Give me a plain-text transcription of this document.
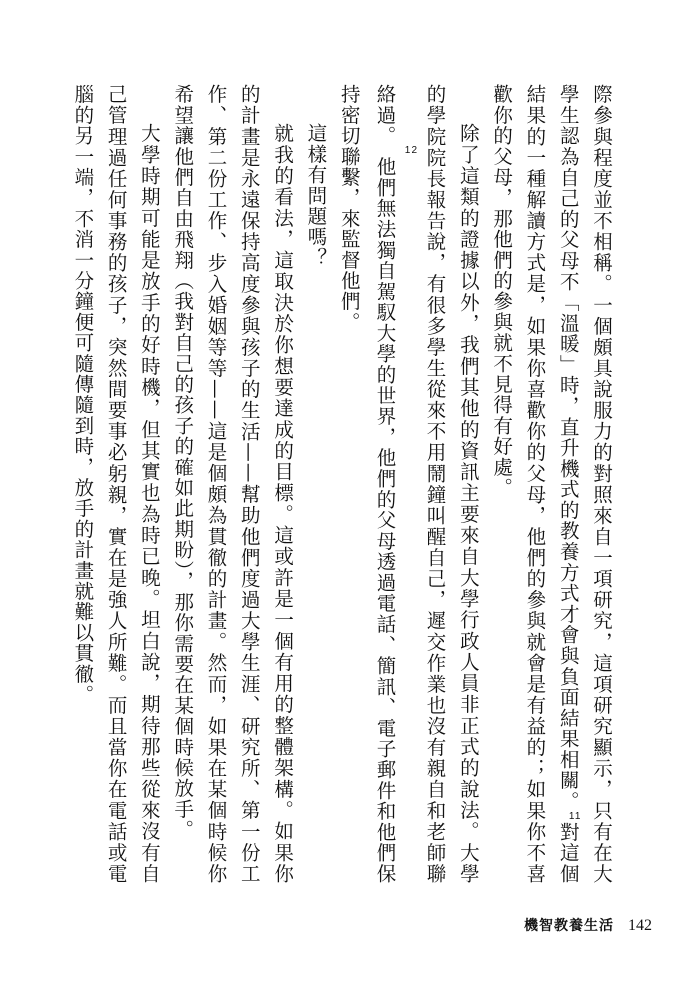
際參與程度並不相稱。一個頗具說服力的對照來自一項研究，這項研究顯示，只有在大學生認為自己的父母不「溫暖」時，直升機式的教養方式才會與負面結果相關。11對這個結果的一種解讀方式是，如果你喜歡你的父母，他們的參與就會是有益的；如果你不喜歡你的父母，那他們的參與就不見得有好處。

除了這類的證據以外，我們其他的資訊主要來自大學行政人員非正式的說法。大學的學院院長報告說，有很多學生從來不用鬧鐘叫醒自己，遲交作業也沒有親自和老師聯絡過。12他們無法獨自駕馭大學的世界，他們的父母透過電話、簡訊、電子郵件和他們保持密切聯繫，來監督他們。

這樣有問題嗎？

就我的看法，這取決於你想要達成的目標。這或許是一個有用的整體架構。如果你的計畫是永遠保持高度參與孩子的生活——幫助他們度過大學生涯、研究所、第一份工作、第二份工作、步入婚姻等等——這是個頗為貫徹的計畫。然而，如果在某個時候你希望讓他們自由飛翔（我對自己的孩子的確如此期盼），那你需要在某個時候放手。

大學時期可能是放手的好時機，但其實也為時已晚。坦白說，期待那些從來沒有自己管理過任何事務的孩子，突然間要事必躬親，實在是強人所難。而且當你在電話或電腦的另一端，不消一分鐘便可隨傳隨到時，放手的計畫就難以貫徹。

機智教養生活 142
